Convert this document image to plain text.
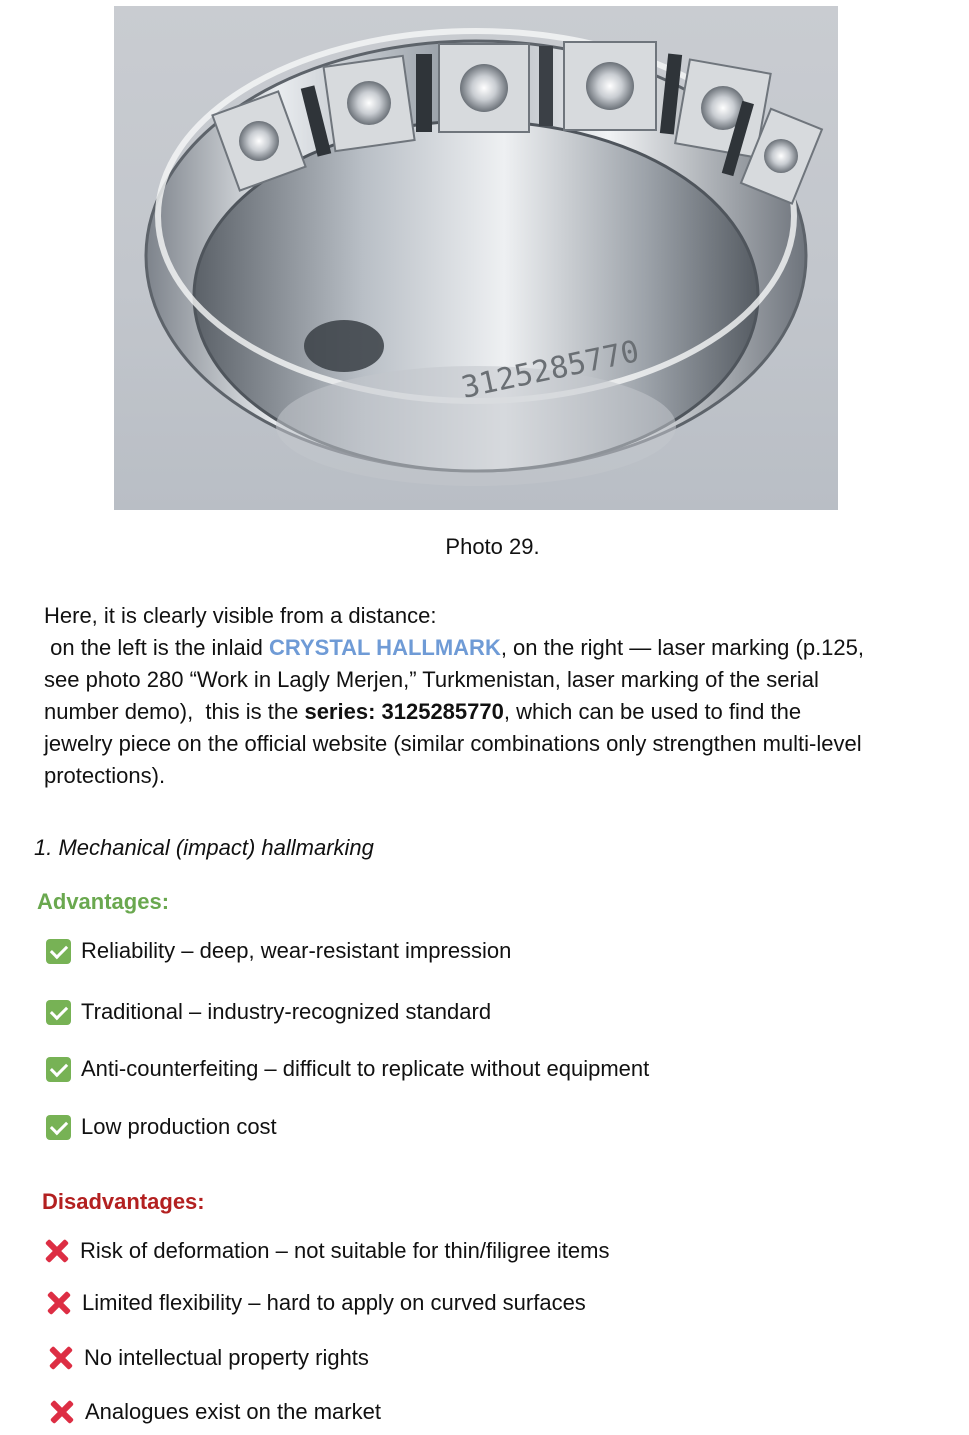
3125285770
Photo 29.
Here, it is clearly visible from a distance:
on the left is the inlaid CRYSTAL HALLMARK, on the right — laser marking (p.125,
see photo 280 “Work in Lagly Merjen,” Turkmenistan, laser marking of the serial
number demo),  this is the series: 3125285770, which can be used to find the
jewelry piece on the official website (similar combinations only strengthen multi-level
protections).
1. Mechanical (impact) hallmarking
Advantages:
Reliability – deep, wear-resistant impression
Traditional – industry-recognized standard
Anti-counterfeiting – difficult to replicate without equipment
Low production cost
Disadvantages:
Risk of deformation – not suitable for thin/filigree items
Limited flexibility – hard to apply on curved surfaces
No intellectual property rights
Analogues exist on the market
